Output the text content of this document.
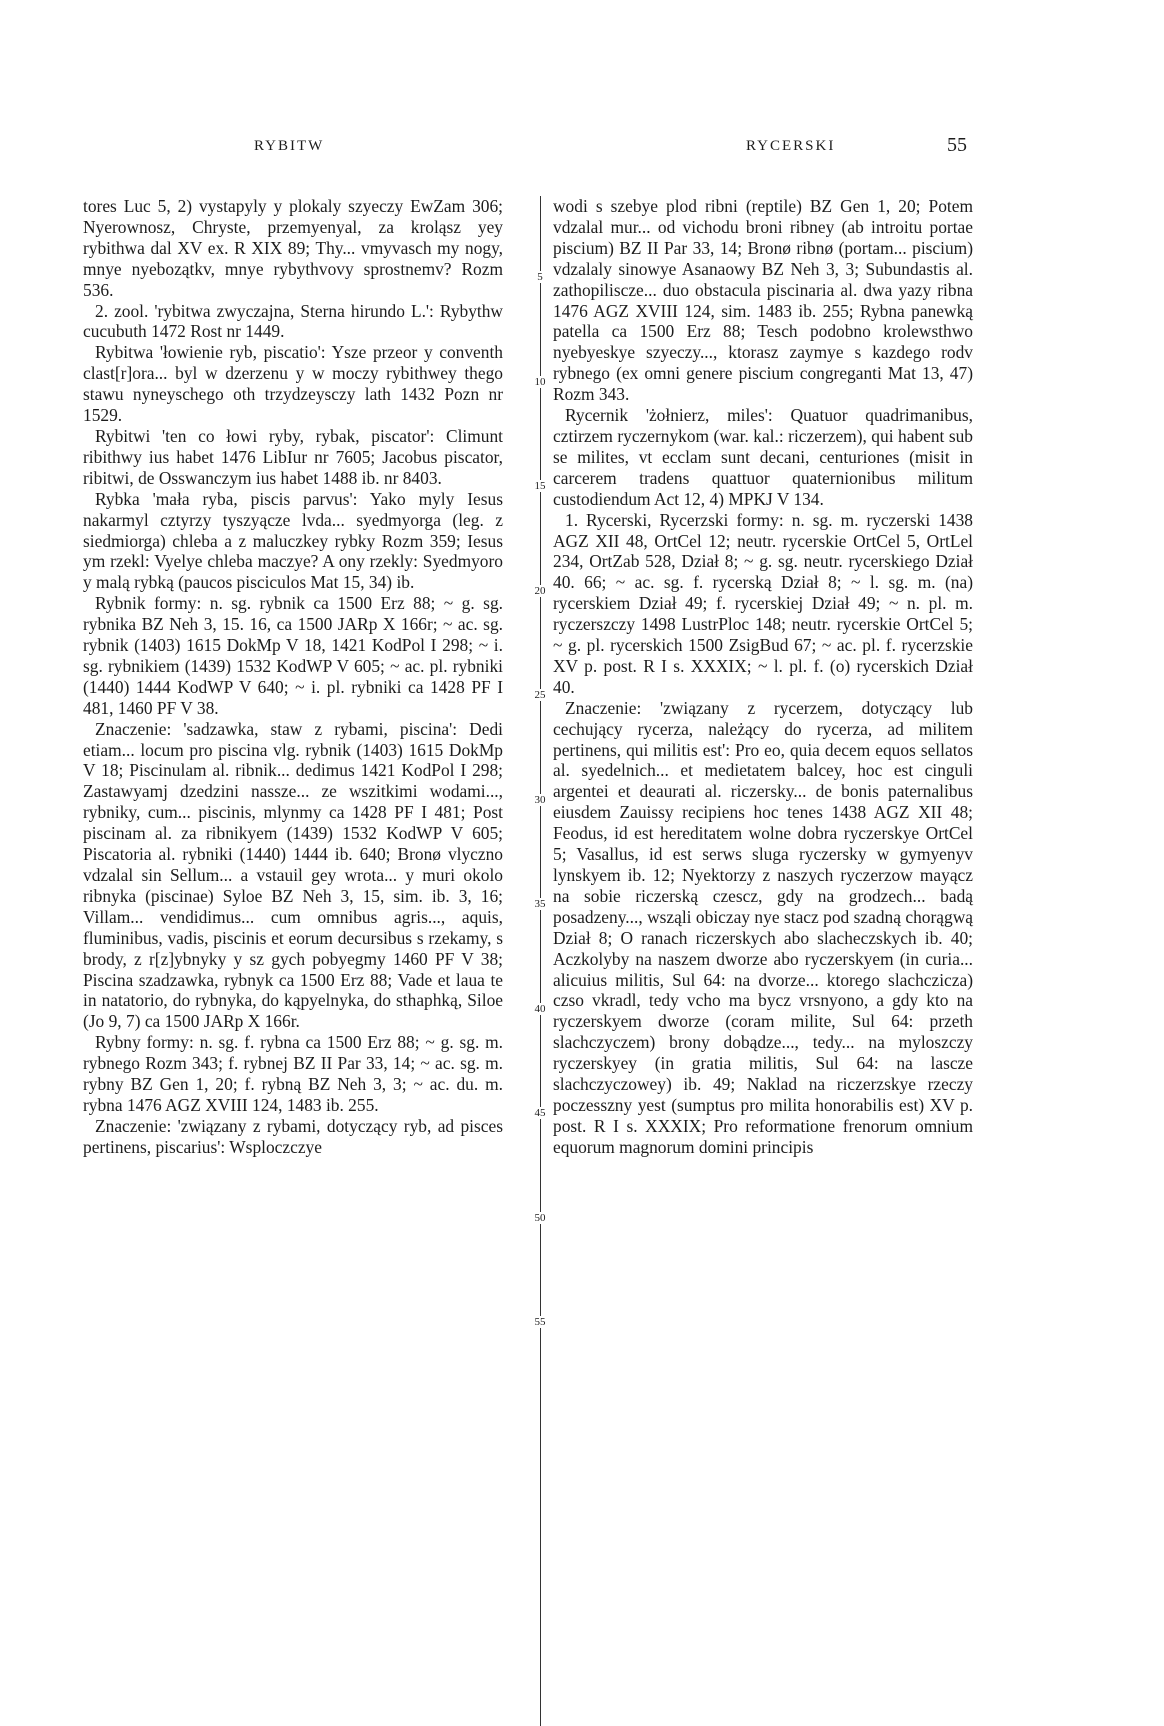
RYBITW	RYCERSKI	55

tores Luc 5, 2) vystapyly y plokaly szyeczy EwZam 306; Nyerownosz, Chryste, przemyenyal, za kroląsz yey rybithwa dal XV ex. R XIX 89; Thy... vmyvasch my nogy, mnye nyebozątkv, mnye rybythvovy sprostnemv? Rozm 536.

2. zool. 'rybitwa zwyczajna, Sterna hirundo L.': Rybythw cucubuth 1472 Rost nr 1449.

Rybitwa 'łowienie ryb, piscatio': Ysze przeor y conventh clast[r]ora... byl w dzerzenu y w moczy rybithwey thego stawu nyneyschego oth trzydzeysczy lath 1432 Pozn nr 1529.

Rybitwi 'ten co łowi ryby, rybak, piscator': Climunt ribithwy ius habet 1476 LibIur nr 7605; Jacobus piscator, ribitwi, de Osswanczym ius habet 1488 ib. nr 8403.

Rybka 'mała ryba, piscis parvus': Yako myly Iesus nakarmyl cztyrzy tyszyącze lvda... syedmyorga (leg. z siedmiorga) chleba a z maluczkey rybky Rozm 359; Iesus ym rzekl: Vyelye chleba maczye? A ony rzekly: Syedmyoro y malą rybką (paucos pisciculos Mat 15, 34) ib.

Rybnik formy: n. sg. rybnik ca 1500 Erz 88; ~ g. sg. rybnika BZ Neh 3, 15. 16, ca 1500 JARp X 166r; ~ ac. sg. rybnik (1403) 1615 DokMp V 18, 1421 KodPol I 298; ~ i. sg. rybnikiem (1439) 1532 KodWP V 605; ~ ac. pl. rybniki (1440) 1444 KodWP V 640; ~ i. pl. rybniki ca 1428 PF I 481, 1460 PF V 38.

Znaczenie: 'sadzawka, staw z rybami, piscina': Dedi etiam... locum pro piscina vlg. rybnik (1403) 1615 DokMp V 18; Piscinulam al. ribnik... dedimus 1421 KodPol I 298; Zastawyamj dzedzini nassze... ze wszitkimi wodami..., rybniky, cum... piscinis, mlynmy ca 1428 PF I 481; Post piscinam al. za ribnikyem (1439) 1532 KodWP V 605; Piscatoria al. rybniki (1440) 1444 ib. 640; Bronø vlyczno vdzalal sin Sellum... a vstauil gey wrota... y muri okolo ribnyka (piscinae) Syloe BZ Neh 3, 15, sim. ib. 3, 16; Villam... vendidimus... cum omnibus agris..., aquis, fluminibus, vadis, piscinis et eorum decursibus s rzekamy, s brody, z r[z]ybnyky y sz gych pobyegmy 1460 PF V 38; Piscina szadzawka, rybnyk ca 1500 Erz 88; Vade et laua te in natatorio, do rybnyka, do kąpyelnyka, do sthaphką, Siloe (Jo 9, 7) ca 1500 JARp X 166r.

Rybny formy: n. sg. f. rybna ca 1500 Erz 88; ~ g. sg. m. rybnego Rozm 343; f. rybnej BZ II Par 33, 14; ~ ac. sg. m. rybny BZ Gen 1, 20; f. rybną BZ Neh 3, 3; ~ ac. du. m. rybna 1476 AGZ XVIII 124, 1483 ib. 255.

Znaczenie: 'związany z rybami, dotyczący ryb, ad pisces pertinens, piscarius': Wsploczczye

5
10
15
20
25
30
35
40
45
50
55

wodi s szebye plod ribni (reptile) BZ Gen 1, 20; Potem vdzalal mur... od vichodu broni ribney (ab introitu portae piscium) BZ II Par 33, 14; Bronø ribnø (portam... piscium) vdzalaly sinowye Asanaowy BZ Neh 3, 3; Subundastis al. zathopiliscze... duo obstacula piscinaria al. dwa yazy ribna 1476 AGZ XVIII 124, sim. 1483 ib. 255; Rybna panewką patella ca 1500 Erz 88; Tesch podobno krolewsthwo nyebyeskye szyeczy..., ktorasz zaymye s kazdego rodv rybnego (ex omni genere piscium congreganti Mat 13, 47) Rozm 343.

Rycernik 'żołnierz, miles': Quatuor quadrimanibus, cztirzem ryczernykom (war. kal.: riczerzem), qui habent sub se milites, vt ecclam sunt decani, centuriones (misit in carcerem tradens quattuor quaternionibus militum custodiendum Act 12, 4) MPKJ V 134.

1. Rycerski, Rycerzski formy: n. sg. m. ryczerski 1438 AGZ XII 48, OrtCel 12; neutr. rycerskie OrtCel 5, OrtLel 234, OrtZab 528, Dział 8; ~ g. sg. neutr. rycerskiego Dział 40. 66; ~ ac. sg. f. rycerską Dział 8; ~ l. sg. m. (na) rycerskiem Dział 49; f. rycerskiej Dział 49; ~ n. pl. m. ryczerszczy 1498 LustrPloc 148; neutr. rycerskie OrtCel 5; ~ g. pl. rycerskich 1500 ZsigBud 67; ~ ac. pl. f. rycerzskie XV p. post. R I s. XXXIX; ~ l. pl. f. (o) rycerskich Dział 40.

Znaczenie: 'związany z rycerzem, dotyczący lub cechujący rycerza, należący do rycerza, ad militem pertinens, qui militis est': Pro eo, quia decem equos sellatos al. syedelnich... et medietatem balcey, hoc est cinguli argentei et deaurati al. riczersky... de bonis paternalibus eiusdem Zauissy recipiens hoc tenes 1438 AGZ XII 48; Feodus, id est hereditatem wolne dobra ryczerskye OrtCel 5; Vasallus, id est serws sluga ryczersky w gymyenyv lynskyem ib. 12; Nyektorzy z naszych ryczerzow mayącz na sobie riczerską czescz, gdy na grodzech... badą posadzeny..., wsząli obiczay nye stacz pod szadną chorągwą Dział 8; O ranach riczerskych abo slacheczskych ib. 40; Aczkolyby na naszem dworze abo ryczerskyem (in curia... alicuius militis, Sul 64: na dvorze... ktorego slachczicza) czso vkradl, tedy vcho ma bycz vrsnyono, a gdy kto na ryczerskyem dworze (coram milite, Sul 64: przeth slachczyczem) brony dobądze..., tedy... na myloszczy ryczerskyey (in gratia militis, Sul 64: na lascze slachczyczowey) ib. 49; Naklad na riczerzskye rzeczy poczesszny yest (sumptus pro milita honorabilis est) XV p. post. R I s. XXXIX; Pro reformatione frenorum omnium equorum magnorum domini principis
